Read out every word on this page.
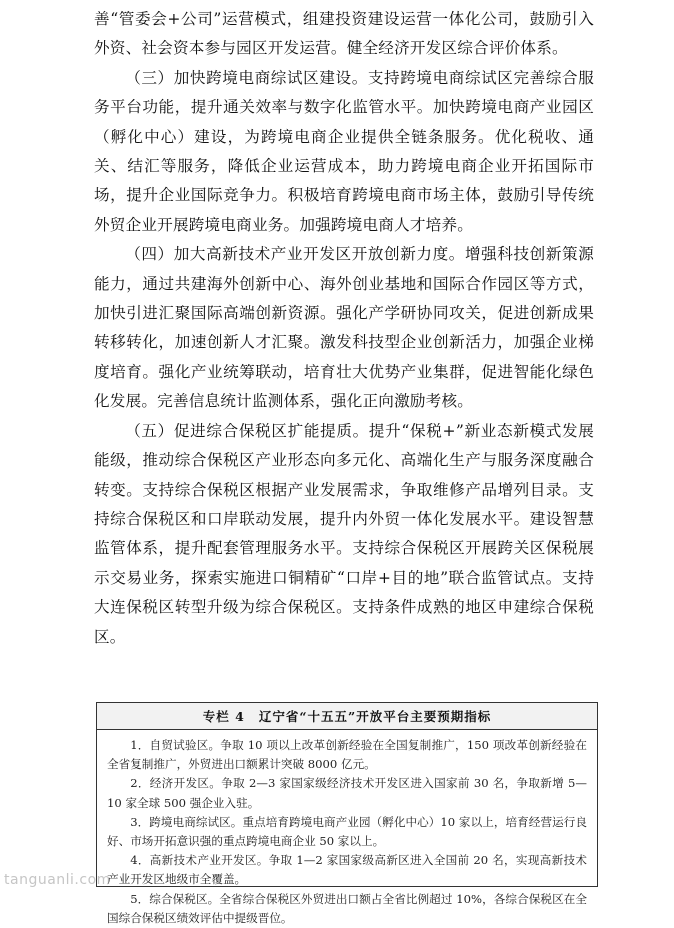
善“管委会+公司”运营模式，组建投资建设运营一体化公司，鼓励引入外资、社会资本参与园区开发运营。健全经济开发区综合评价体系。

（三）加快跨境电商综试区建设。支持跨境电商综试区完善综合服务平台功能，提升通关效率与数字化监管水平。加快跨境电商产业园区（孵化中心）建设，为跨境电商企业提供全链条服务。优化税收、通关、结汇等服务，降低企业运营成本，助力跨境电商企业开拓国际市场，提升企业国际竞争力。积极培育跨境电商市场主体，鼓励引导传统外贸企业开展跨境电商业务。加强跨境电商人才培养。

（四）加大高新技术产业开发区开放创新力度。增强科技创新策源能力，通过共建海外创新中心、海外创业基地和国际合作园区等方式，加快引进汇聚国际高端创新资源。强化产学研协同攻关，促进创新成果转移转化，加速创新人才汇聚。激发科技型企业创新活力，加强企业梯度培育。强化产业统筹联动，培育壮大优势产业集群，促进智能化绿色化发展。完善信息统计监测体系，强化正向激励考核。

（五）促进综合保税区扩能提质。提升“保税+”新业态新模式发展能级，推动综合保税区产业形态向多元化、高端化生产与服务深度融合转变。支持综合保税区根据产业发展需求，争取维修产品增列目录。支持综合保税区和口岸联动发展，提升内外贸一体化发展水平。建设智慧监管体系，提升配套管理服务水平。支持综合保税区开展跨关区保税展示交易业务，探索实施进口铜精矿“口岸+目的地”联合监管试点。支持大连保税区转型升级为综合保税区。支持条件成熟的地区申建综合保税区。

专栏 4 辽宁省“十五五”开放平台主要预期指标

1．自贸试验区。争取 10 项以上改革创新经验在全国复制推广，150 项改革创新经验在全省复制推广，外贸进出口额累计突破 8000 亿元。

2．经济开发区。争取 2—3 家国家级经济技术开发区进入国家前 30 名，争取新增 5—10 家全球 500 强企业入驻。

3．跨境电商综试区。重点培育跨境电商产业园（孵化中心）10 家以上，培育经营运行良好、市场开拓意识强的重点跨境电商企业 50 家以上。

4．高新技术产业开发区。争取 1—2 家国家级高新区进入全国前 20 名，实现高新技术产业开发区地级市全覆盖。

5．综合保税区。全省综合保税区外贸进出口额占全省比例超过 10%，各综合保税区在全国综合保税区绩效评估中提级晋位。

tanguanli.com
